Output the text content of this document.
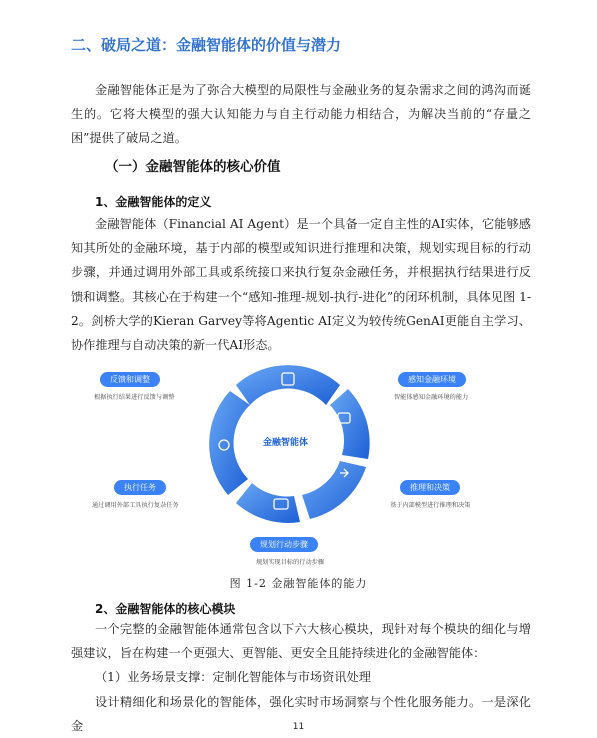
二、破局之道：金融智能体的价值与潜力

金融智能体正是为了弥合大模型的局限性与金融业务的复杂需求之间的鸿沟而诞生的。它将大模型的强大认知能力与自主行动能力相结合，为解决当前的“存量之困”提供了破局之道。

（一）金融智能体的核心价值
1、金融智能体的定义

金融智能体（Financial AI Agent）是一个具备一定自主性的AI实体，它能够感知其所处的金融环境，基于内部的模型或知识进行推理和决策，规划实现目标的行动步骤，并通过调用外部工具或系统接口来执行复杂金融任务，并根据执行结果进行反馈和调整。其核心在于构建一个“感知-推理-规划-执行-进化”的闭环机制，具体见图 1-2。剑桥大学的Kieran Garvey等将Agentic AI定义为较传统GenAI更能自主学习、协作推理与自动决策的新一代AI形态。

金融智能体
反馈和调整
根据执行结果进行反馈与调整
感知金融环境
智能体感知金融环境的能力
推理和决策
基于内部模型进行推理和决策
规划行动步骤
规划实现目标的行动步骤
执行任务
通过调用外部工具执行复杂任务
图 1-2 金融智能体的能力
2、金融智能体的核心模块

一个完整的金融智能体通常包含以下六大核心模块，现针对每个模块的细化与增强建议，旨在构建一个更强大、更智能、更安全且能持续进化的金融智能体：

（1）业务场景支撑：定制化智能体与市场资讯处理

设计精细化和场景化的智能体，强化实时市场洞察与个性化服务能力。一是深化金	11
